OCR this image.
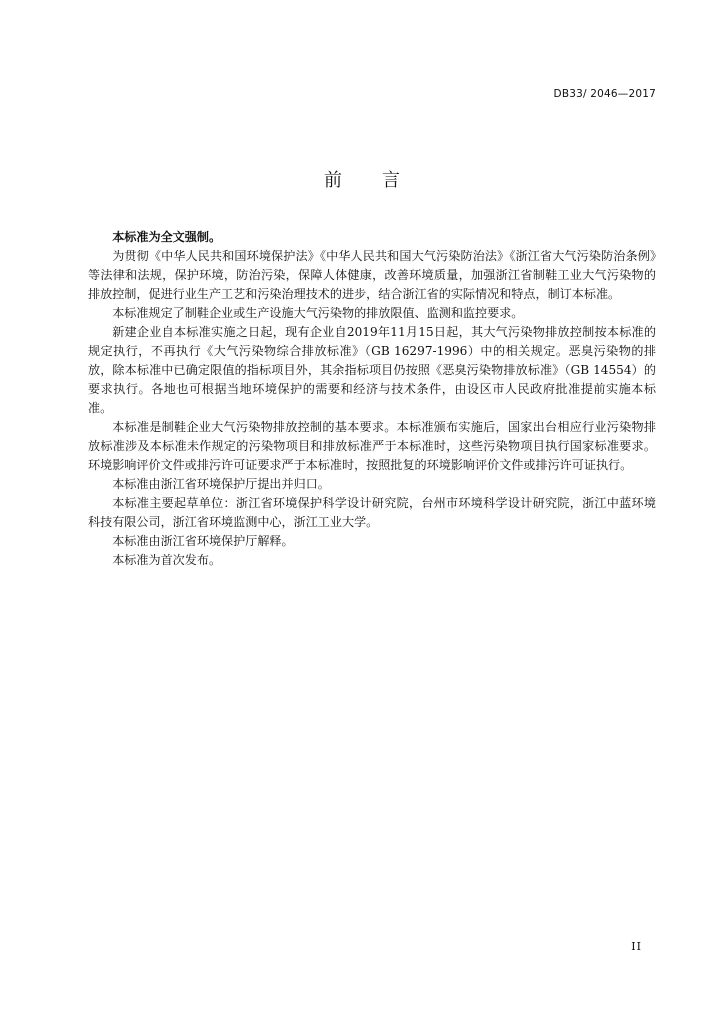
DB33/ 2046—2017
前言

本标准为全文强制。

为贯彻《中华人民共和国环境保护法》《中华人民共和国大气污染防治法》《浙江省大气污染防治条例》等法律和法规，保护环境，防治污染，保障人体健康，改善环境质量，加强浙江省制鞋工业大气污染物的排放控制，促进行业生产工艺和污染治理技术的进步，结合浙江省的实际情况和特点，制订本标准。

本标准规定了制鞋企业或生产设施大气污染物的排放限值、监测和监控要求。

新建企业自本标准实施之日起，现有企业自2019年11月15日起，其大气污染物排放控制按本标准的规定执行，不再执行《大气污染物综合排放标准》（GB 16297-1996）中的相关规定。恶臭污染物的排放，除本标准中已确定限值的指标项目外，其余指标项目仍按照《恶臭污染物排放标准》（GB 14554）的要求执行。各地也可根据当地环境保护的需要和经济与技术条件，由设区市人民政府批准提前实施本标准。

本标准是制鞋企业大气污染物排放控制的基本要求。本标准颁布实施后，国家出台相应行业污染物排放标准涉及本标准未作规定的污染物项目和排放标准严于本标准时，这些污染物项目执行国家标准要求。环境影响评价文件或排污许可证要求严于本标准时，按照批复的环境影响评价文件或排污许可证执行。

本标准由浙江省环境保护厅提出并归口。

本标准主要起草单位：浙江省环境保护科学设计研究院，台州市环境科学设计研究院，浙江中蓝环境科技有限公司，浙江省环境监测中心，浙江工业大学。

本标准由浙江省环境保护厅解释。

本标准为首次发布。

II
